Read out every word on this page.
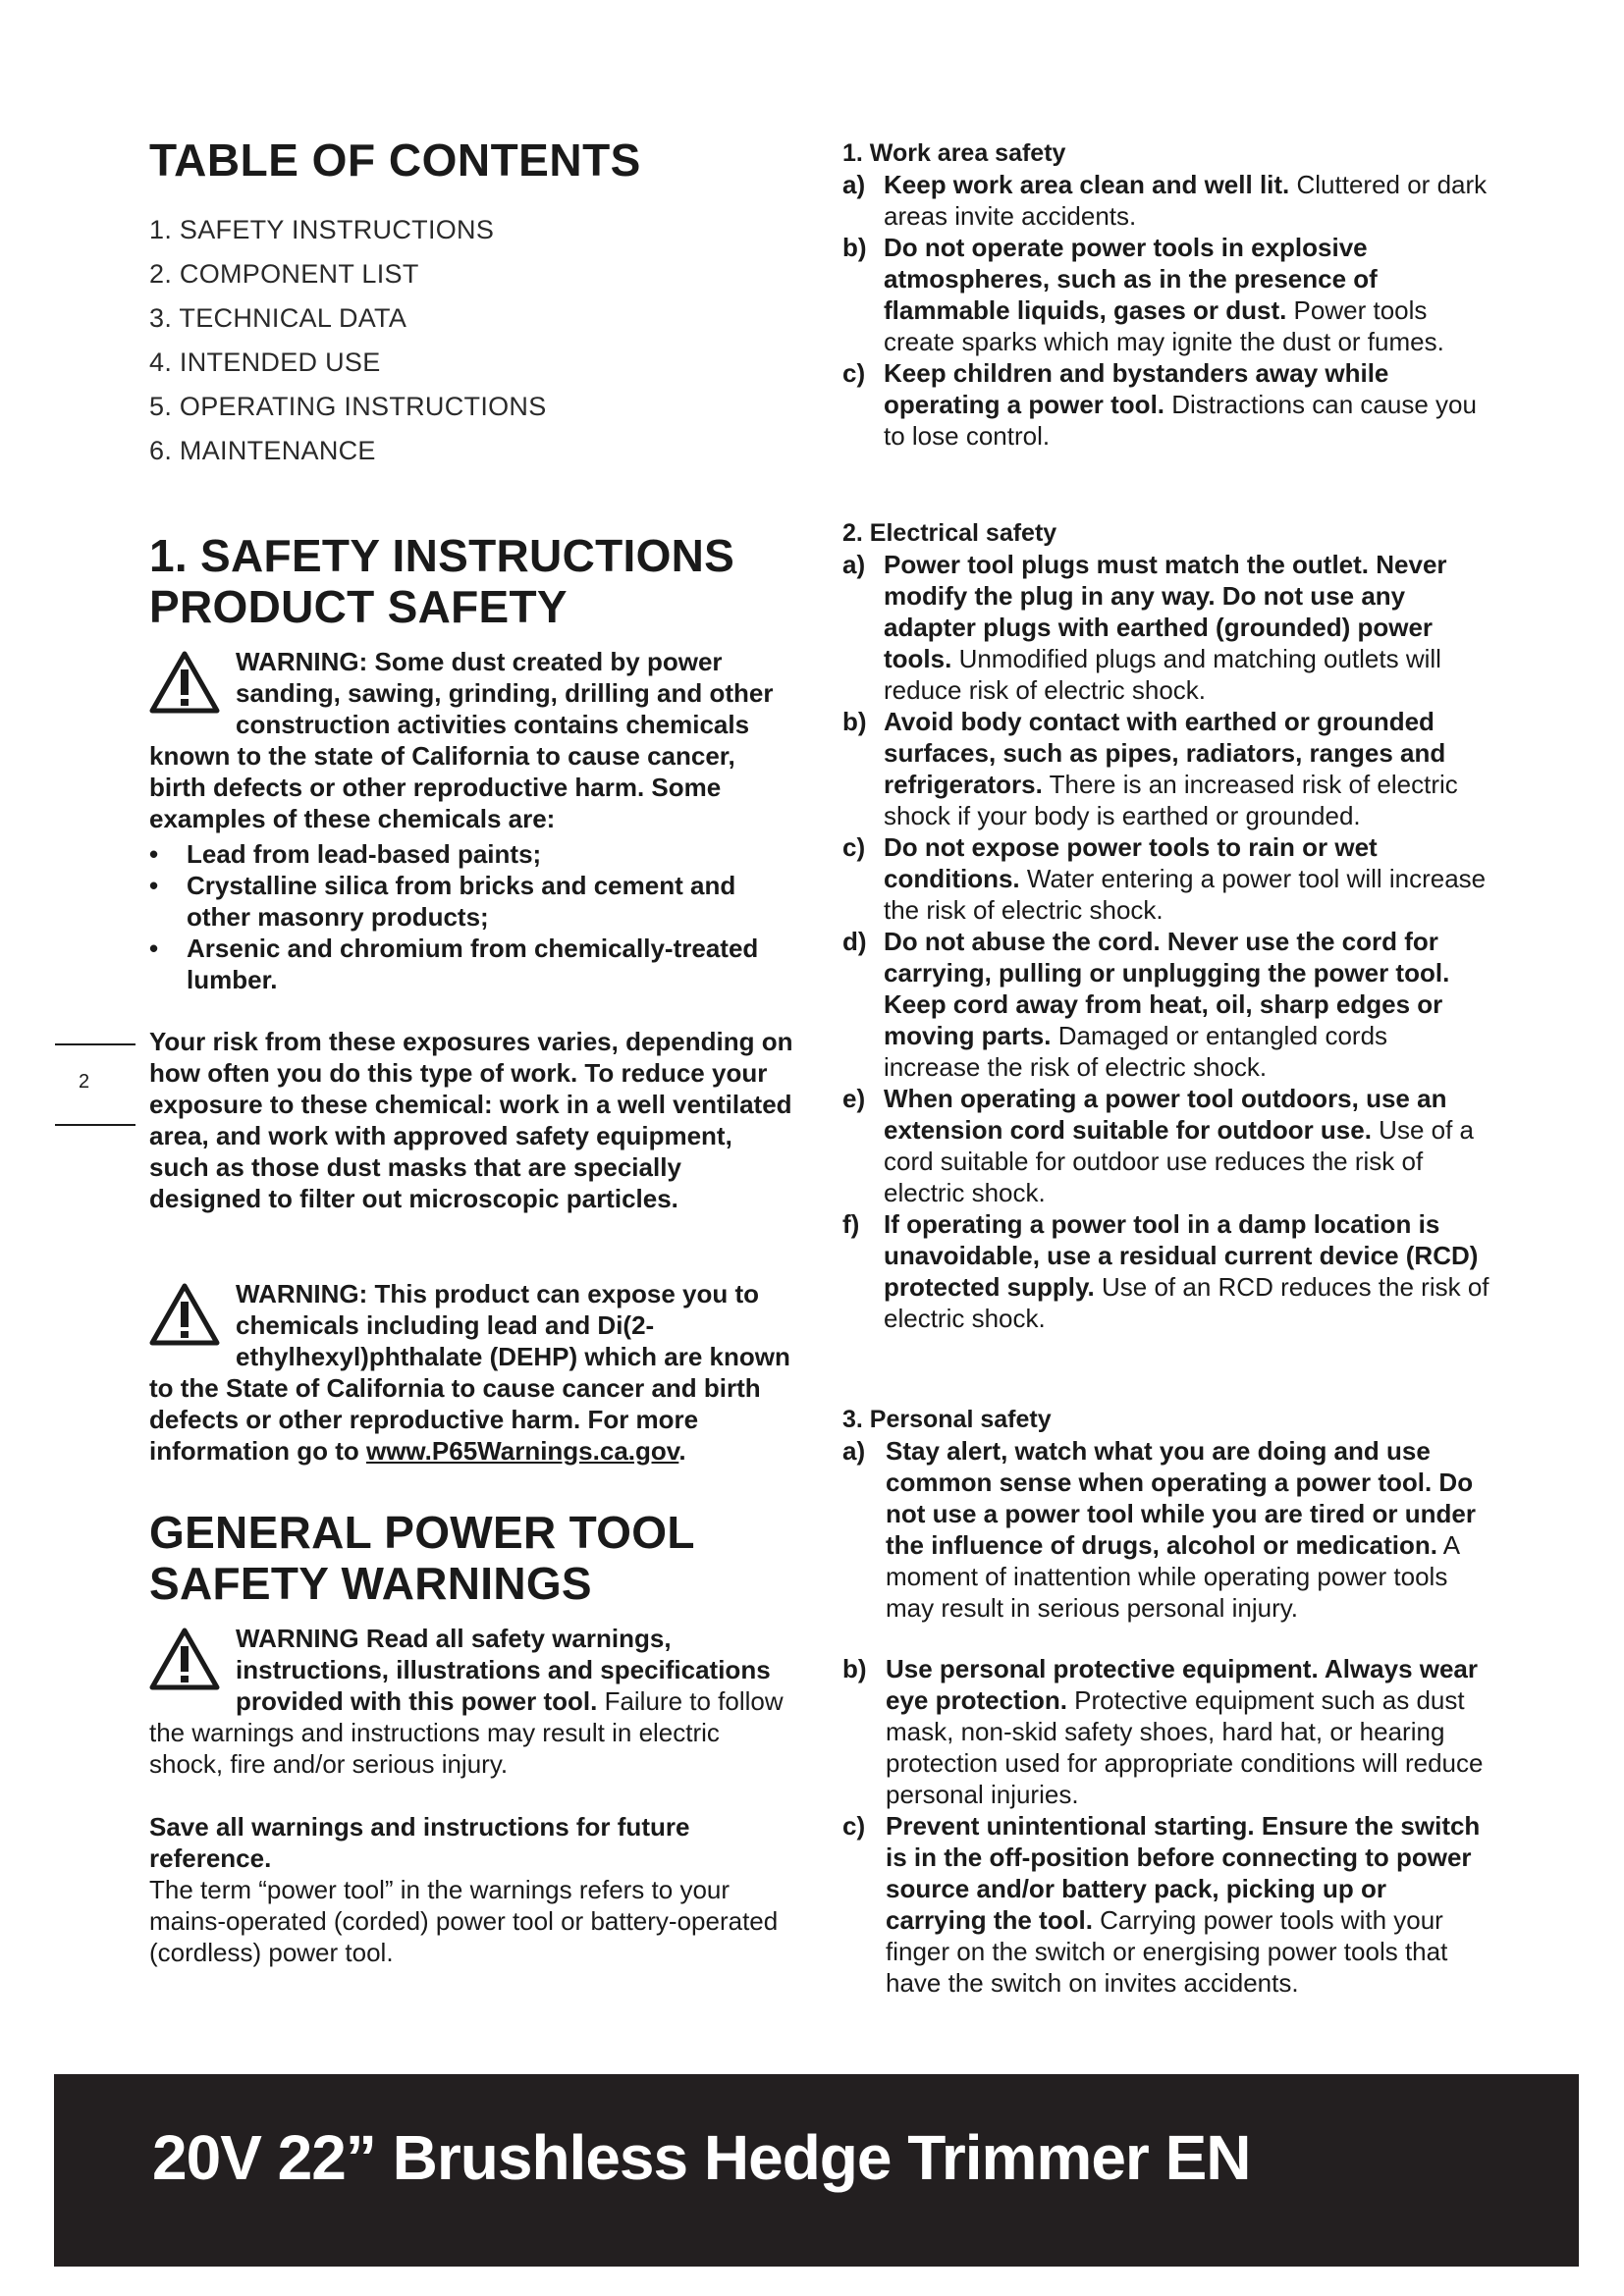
TABLE OF CONTENTS
1. SAFETY INSTRUCTIONS
2. COMPONENT LIST
3. TECHNICAL DATA
4. INTENDED USE
5. OPERATING INSTRUCTIONS
6. MAINTENANCE
1. SAFETY INSTRUCTIONS
PRODUCT SAFETY
WARNING: Some dust created by power sanding, sawing, grinding, drilling and other construction activities contains chemicals known to the state of California to cause cancer, birth defects or other reproductive harm. Some examples of these chemicals are:
• Lead from lead-based paints;
• Crystalline silica from bricks and cement and other masonry products;
• Arsenic and chromium from chemically-treated lumber.

Your risk from these exposures varies, depending on how often you do this type of work. To reduce your exposure to these chemical: work in a well ventilated area, and work with approved safety equipment, such as those dust masks that are specially designed to filter out microscopic particles.

WARNING: This product can expose you to chemicals including lead and Di(2-ethylhexyl)phthalate (DEHP) which are known to the State of California to cause cancer and birth defects or other reproductive harm. For more information go to www.P65Warnings.ca.gov.
GENERAL POWER TOOL
SAFETY WARNINGS
WARNING Read all safety warnings, instructions, illustrations and specifications provided with this power tool. Failure to follow the warnings and instructions may result in electric shock, fire and/or serious injury.

Save all warnings and instructions for future reference.

The term “power tool” in the warnings refers to your mains-operated (corded) power tool or battery-operated (cordless) power tool.

1. Work area safety
a) Keep work area clean and well lit. Cluttered or dark areas invite accidents.
b) Do not operate power tools in explosive atmospheres, such as in the presence of flammable liquids, gases or dust. Power tools create sparks which may ignite the dust or fumes.
c) Keep children and bystanders away while operating a power tool. Distractions can cause you to lose control.
2. Electrical safety
a) Power tool plugs must match the outlet. Never modify the plug in any way. Do not use any adapter plugs with earthed (grounded) power tools. Unmodified plugs and matching outlets will reduce risk of electric shock.
b) Avoid body contact with earthed or grounded surfaces, such as pipes, radiators, ranges and refrigerators. There is an increased risk of electric shock if your body is earthed or grounded.
c) Do not expose power tools to rain or wet conditions. Water entering a power tool will increase the risk of electric shock.
d) Do not abuse the cord. Never use the cord for carrying, pulling or unplugging the power tool. Keep cord away from heat, oil, sharp edges or moving parts. Damaged or entangled cords increase the risk of electric shock.
e) When operating a power tool outdoors, use an extension cord suitable for outdoor use. Use of a cord suitable for outdoor use reduces the risk of electric shock.
f) If operating a power tool in a damp location is unavoidable, use a residual current device (RCD) protected supply. Use of an RCD reduces the risk of electric shock.
3. Personal safety
a) Stay alert, watch what you are doing and use common sense when operating a power tool. Do not use a power tool while you are tired or under the influence of drugs, alcohol or medication. A moment of inattention while operating power tools may result in serious personal injury.
b) Use personal protective equipment. Always wear eye protection. Protective equipment such as dust mask, non-skid safety shoes, hard hat, or hearing protection used for appropriate conditions will reduce personal injuries.
c) Prevent unintentional starting. Ensure the switch is in the off-position before connecting to power source and/or battery pack, picking up or carrying the tool. Carrying power tools with your finger on the switch or energising power tools that have the switch on invites accidents.
2
20V 22” Brushless Hedge Trimmer EN
